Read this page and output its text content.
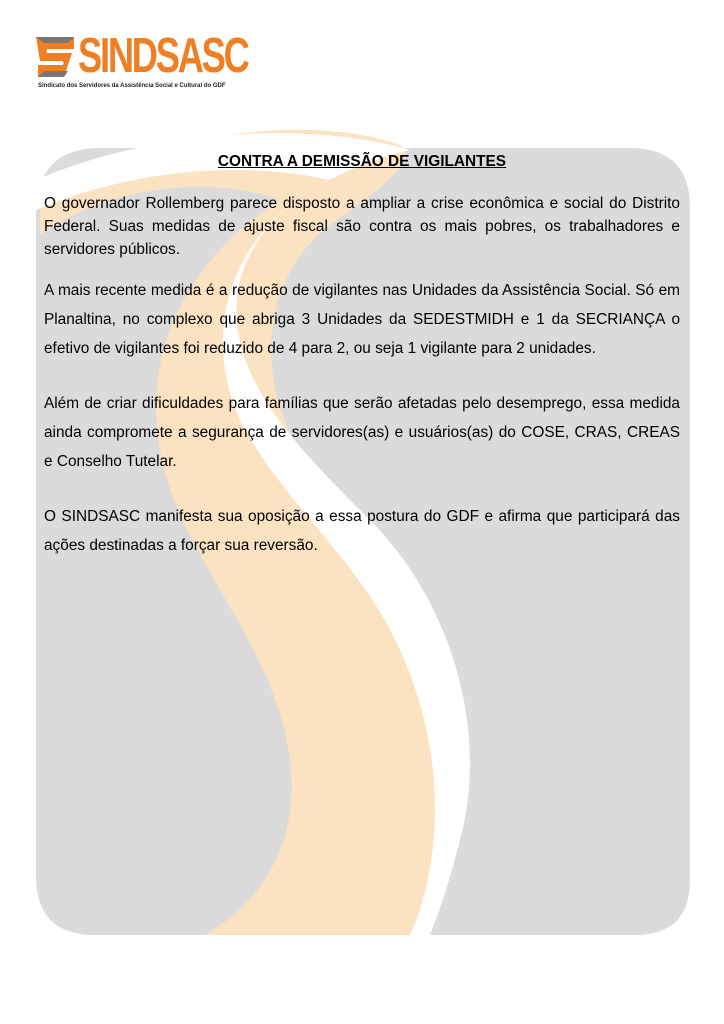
SINDSASC
Sindicato dos Servidores da Assistência Social e Cultural do GDF
CONTRA A DEMISSÃO DE VIGILANTES

O governador Rollemberg parece disposto a ampliar a crise econômica e social do Distrito Federal. Suas medidas de ajuste fiscal são contra os mais pobres, os trabalhadores e servidores públicos.

A mais recente medida é a redução de vigilantes nas Unidades da Assistência Social. Só em Planaltina, no complexo que abriga 3 Unidades da SEDESTMIDH e 1 da SECRIANÇA o efetivo de vigilantes foi reduzido de 4 para 2, ou seja 1 vigilante para 2 unidades.

Além de criar dificuldades para famílias que serão afetadas pelo desemprego, essa medida ainda compromete a segurança de servidores(as) e usuários(as) do COSE, CRAS, CREAS e Conselho Tutelar.

O SINDSASC manifesta sua oposição a essa postura do GDF e afirma que participará das ações destinadas a forçar sua reversão.
